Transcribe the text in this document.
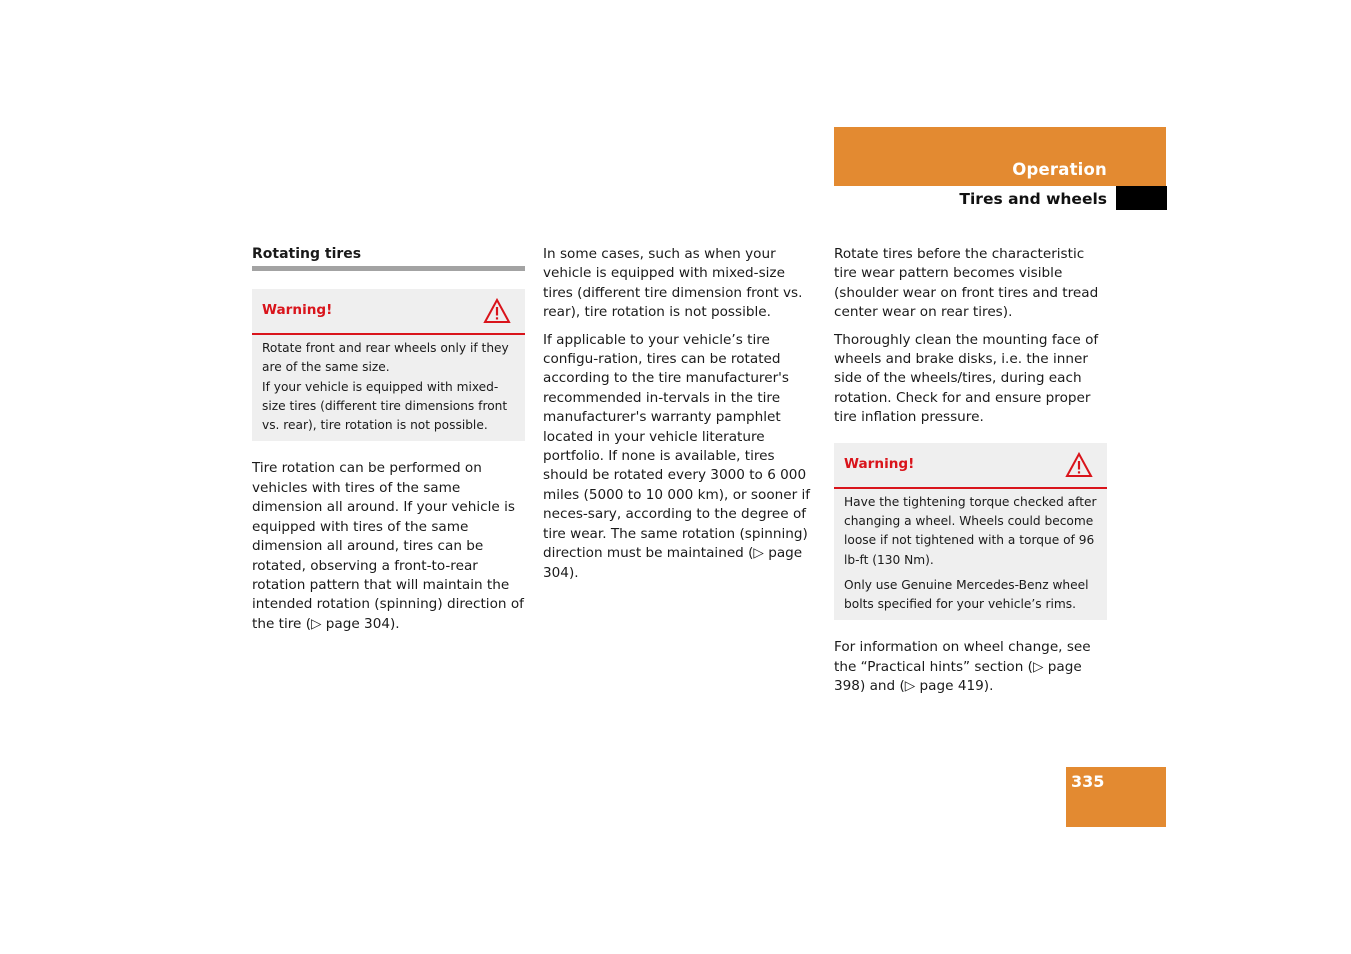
Operation
Tires and wheels
Rotating tires
Warning!

Rotate front and rear wheels only if they are of the same size.

If your vehicle is equipped with mixed-size tires (different tire dimensions front vs. rear), tire rotation is not possible.

Tire rotation can be performed on vehicles with tires of the same dimension all around. If your vehicle is equipped with tires of the same dimension all around, tires can be rotated, observing a front-to-rear rotation pattern that will maintain the intended rotation (spinning) direction of the tire (▷ page 304).

In some cases, such as when your vehicle is equipped with mixed-size tires (different tire dimension front vs. rear), tire rotation is not possible.

If applicable to your vehicle’s tire configu-ration, tires can be rotated according to the tire manufacturer's recommended in-tervals in the tire manufacturer's warranty pamphlet located in your vehicle literature portfolio. If none is available, tires should be rotated every 3000 to 6 000 miles (5000 to 10 000 km), or sooner if neces-sary, according to the degree of tire wear. The same rotation (spinning) direction must be maintained (▷ page 304).

Rotate tires before the characteristic tire wear pattern becomes visible (shoulder wear on front tires and tread center wear on rear tires).

Thoroughly clean the mounting face of wheels and brake disks, i.e. the inner side of the wheels/tires, during each rotation. Check for and ensure proper tire inflation pressure.

Warning!

Have the tightening torque checked after changing a wheel. Wheels could become loose if not tightened with a torque of 96 lb-ft (130 Nm).

Only use Genuine Mercedes-Benz wheel bolts specified for your vehicle’s rims.

For information on wheel change, see the “Practical hints” section (▷ page 398) and (▷ page 419).

335
